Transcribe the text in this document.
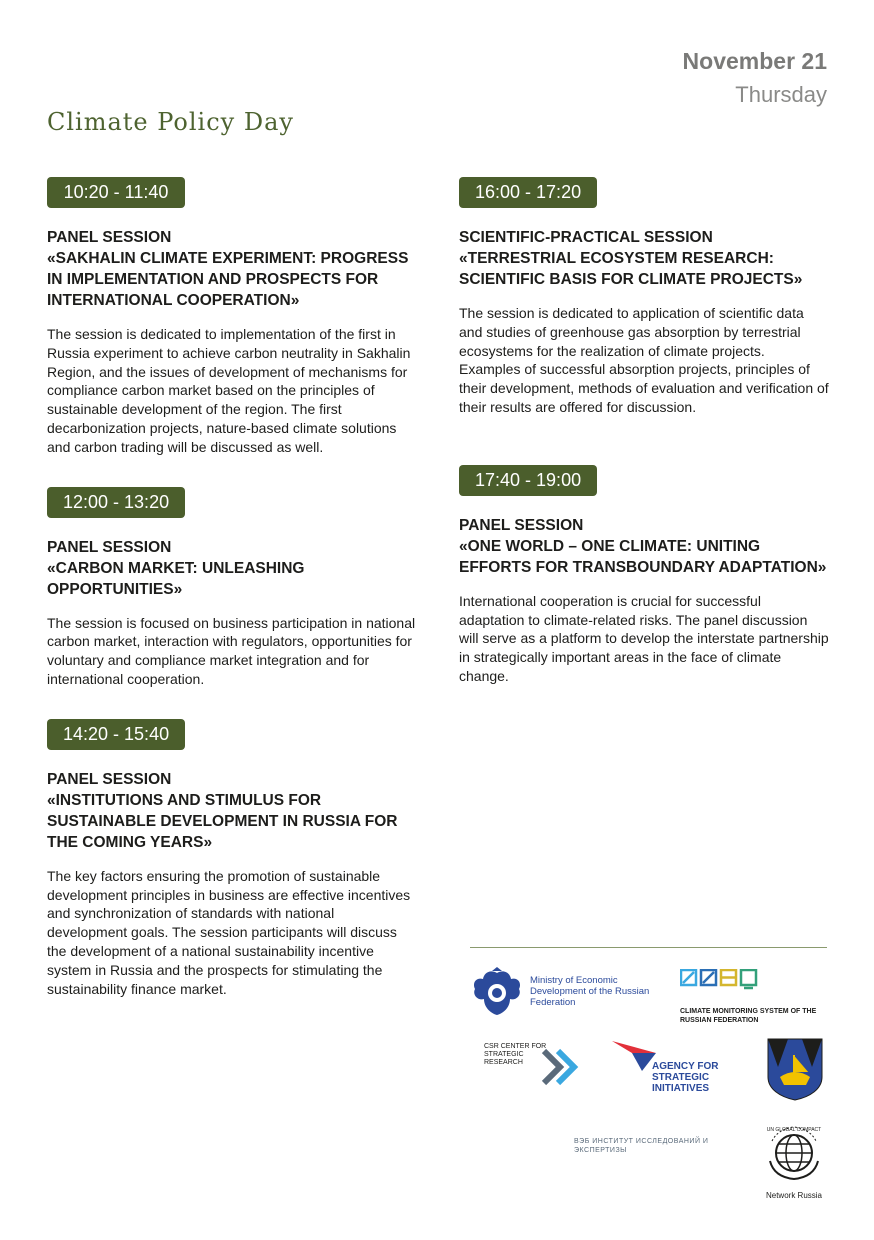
November 21
Thursday
Climate Policy Day
10:20 - 11:40

PANEL SESSION

«SAKHALIN CLIMATE EXPERIMENT: PROGRESS IN IMPLEMENTATION AND PROSPECTS FOR INTERNATIONAL COOPERATION»

The session is dedicated to implementation of the first in Russia experiment to achieve carbon neutrality in Sakhalin Region, and the issues of development of mechanisms for compliance carbon market based on the principles of sustainable development of the region. The first decarbonization projects, nature-based climate solutions and carbon trading will be discussed as well.

12:00 - 13:20

PANEL SESSION

«CARBON MARKET: UNLEASHING OPPORTUNITIES»

The session is focused on business participation in national carbon market, interaction with regulators, opportunities for voluntary and compliance market integration and for international cooperation.

14:20 - 15:40

PANEL SESSION

«INSTITUTIONS AND STIMULUS FOR SUSTAINABLE DEVELOPMENT IN RUSSIA FOR THE COMING YEARS»

The key factors ensuring the promotion of sustainable development principles in business are effective incentives and synchronization of standards with national development goals. The session participants will discuss the development of a national sustainability incentive system in Russia and the prospects for stimulating the sustainability finance market.

16:00 - 17:20

SCIENTIFIC-PRACTICAL SESSION

«TERRESTRIAL ECOSYSTEM RESEARCH: SCIENTIFIC BASIS FOR CLIMATE PROJECTS»

The session is dedicated to application of scientific data and studies of greenhouse gas absorption by terrestrial ecosystems for the realization of climate projects. Examples of successful absorption projects, principles of their development, methods of evaluation and verification of their results are offered for discussion.

17:40 - 19:00

PANEL SESSION

«ONE WORLD – ONE CLIMATE: UNITING EFFORTS FOR TRANSBOUNDARY ADAPTATION»

International cooperation is crucial for successful adaptation to climate-related risks. The panel discussion will serve as a platform to develop the interstate partnership in strategically important areas in the face of climate change.

Ministry of Economic Development of the Russian Federation
CLIMATE MONITORING SYSTEM OF THE RUSSIAN FEDERATION
CSR CENTER FOR STRATEGIC RESEARCH	AGENCY FOR STRATEGIC INITIATIVES
ВЭБ ИНСТИТУТ ИССЛЕДОВАНИЙ И ЭКСПЕРТИЗЫ
UN GLOBAL COMPACT
Network Russia
